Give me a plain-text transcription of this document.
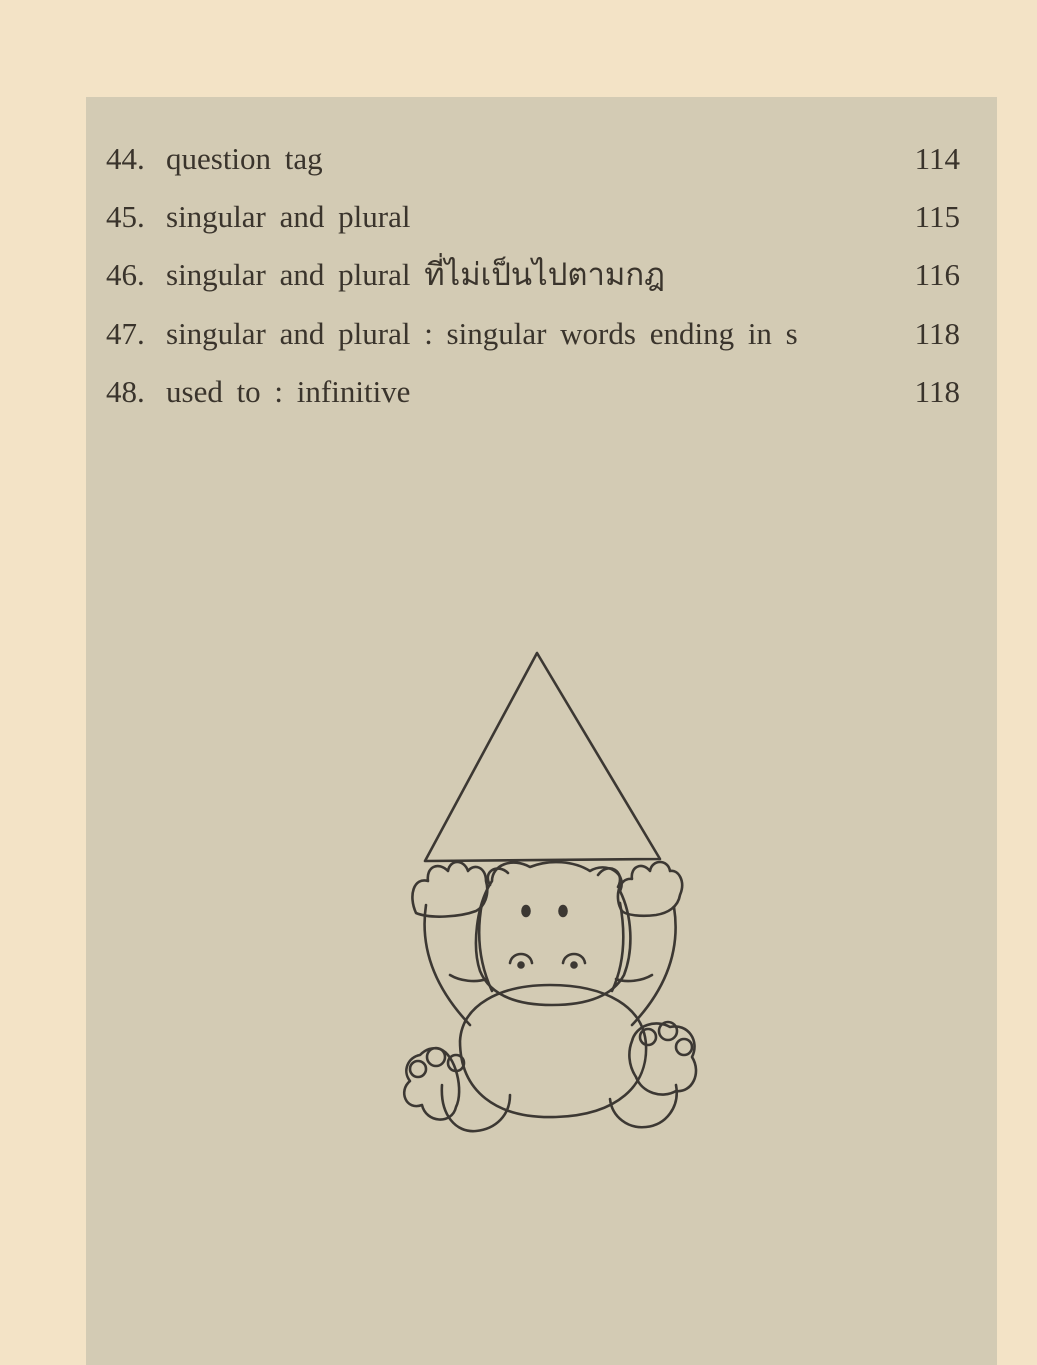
44. question tag	114
45. singular and plural	115
46. singular and plural ที่ไม่เป็นไปตามกฎ	116
47. singular and plural : singular words ending in s	118
48. used to : infinitive	118
